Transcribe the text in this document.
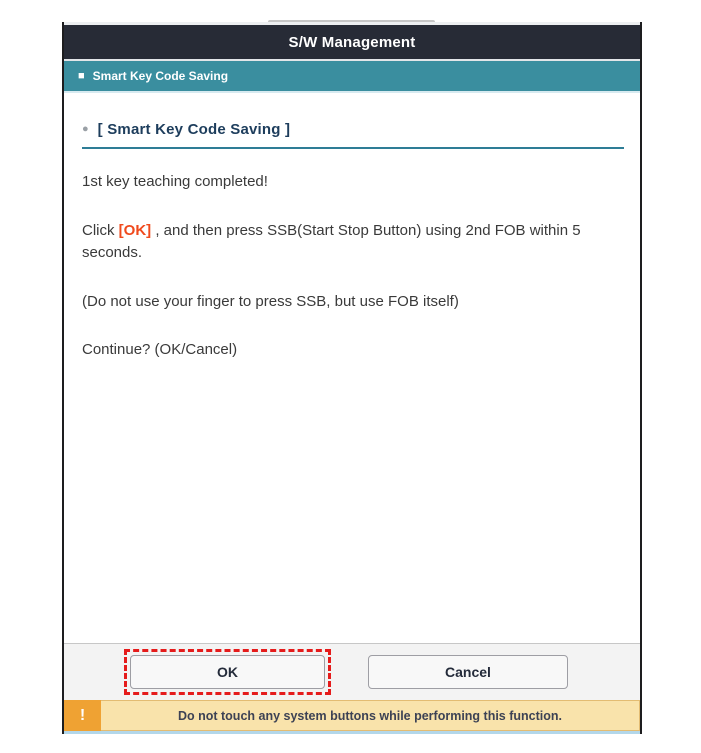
S/W Management
■ Smart Key Code Saving
● [ Smart Key Code Saving ]
1st key teaching completed!
Click [OK] , and then press SSB(Start Stop Button) using 2nd FOB within 5 seconds.
(Do not use your finger to press SSB, but use FOB itself)
Continue? (OK/Cancel)
OK	Cancel
!	Do not touch any system buttons while performing this function.
